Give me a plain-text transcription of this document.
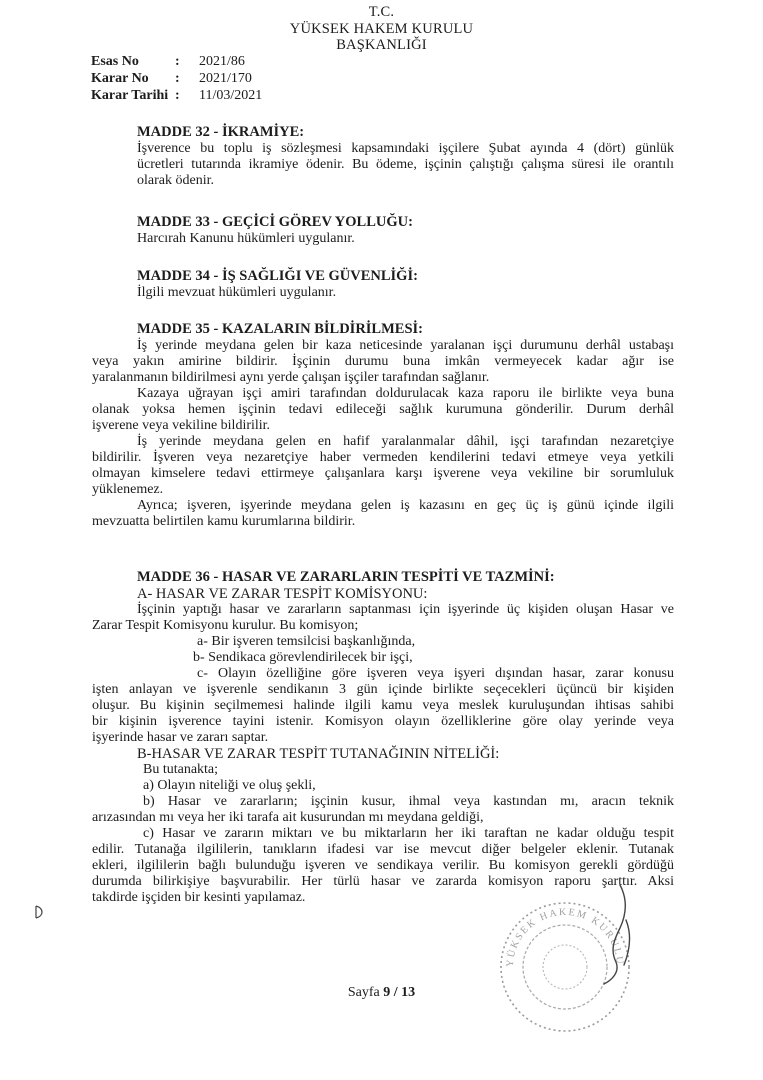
T.C.
YÜKSEK HAKEM KURULU
BAŞKANLIĞI
Esas No	:	2021/86
Karar No	:	2021/170
Karar Tarihi :	11/03/2021
MADDE 32 - İKRAMİYE:
İşverence bu toplu iş sözleşmesi kapsamındaki işçilere Şubat ayında 4 (dört) günlük
ücretleri tutarında ikramiye ödenir. Bu ödeme, işçinin çalıştığı çalışma süresi ile orantılı
olarak ödenir.
MADDE 33 - GEÇİCİ GÖREV YOLLUĞU:
Harcırah Kanunu hükümleri uygulanır.
MADDE 34 - İŞ SAĞLIĞI VE GÜVENLİĞİ:
İlgili mevzuat hükümleri uygulanır.
MADDE 35 - KAZALARIN BİLDİRİLMESİ:
İş yerinde meydana gelen bir kaza neticesinde yaralanan işçi durumunu derhâl ustabaşı
veya yakın amirine bildirir. İşçinin durumu buna imkân vermeyecek kadar ağır ise
yaralanmanın bildirilmesi aynı yerde çalışan işçiler tarafından sağlanır.
Kazaya uğrayan işçi amiri tarafından doldurulacak kaza raporu ile birlikte veya buna
olanak yoksa hemen işçinin tedavi edileceği sağlık kurumuna gönderilir. Durum derhâl
işverene veya vekiline bildirilir.
İş yerinde meydana gelen en hafif yaralanmalar dâhil, işçi tarafından nezaretçiye
bildirilir. İşveren veya nezaretçiye haber vermeden kendilerini tedavi etmeye veya yetkili
olmayan kimselere tedavi ettirmeye çalışanlara karşı işverene veya vekiline bir sorumluluk
yüklenemez.
Ayrıca; işveren, işyerinde meydana gelen iş kazasını en geç üç iş günü içinde ilgili
mevzuatta belirtilen kamu kurumlarına bildirir.
MADDE 36 - HASAR VE ZARARLARIN TESPİTİ VE TAZMİNİ:
A- HASAR VE ZARAR TESPİT KOMİSYONU:
İşçinin yaptığı hasar ve zararların saptanması için işyerinde üç kişiden oluşan Hasar ve
Zarar Tespit Komisyonu kurulur. Bu komisyon;
a- Bir işveren temsilcisi başkanlığında,
b- Sendikaca görevlendirilecek bir işçi,
c- Olayın özelliğine göre işveren veya işyeri dışından hasar, zarar konusu
işten anlayan ve işverenle sendikanın 3 gün içinde birlikte seçecekleri üçüncü bir kişiden
oluşur. Bu kişinin seçilmemesi halinde ilgili kamu veya meslek kuruluşundan ihtisas sahibi
bir kişinin işverence tayini istenir. Komisyon olayın özelliklerine göre olay yerinde veya
işyerinde hasar ve zararı saptar.
B-HASAR VE ZARAR TESPİT TUTANAĞININ NİTELİĞİ:
Bu tutanakta;
a) Olayın niteliği ve oluş şekli,
b) Hasar ve zararların; işçinin kusur, ihmal veya kastından mı, aracın teknik
arızasından mı veya her iki tarafa ait kusurundan mı meydana geldiği,
c) Hasar ve zararın miktarı ve bu miktarların her iki taraftan ne kadar olduğu tespit
edilir. Tutanağa ilgililerin, tanıkların ifadesi var ise mevcut diğer belgeler eklenir. Tutanak
ekleri, ilgililerin bağlı bulunduğu işveren ve sendikaya verilir. Bu komisyon gerekli gördüğü
durumda bilirkişiye başvurabilir. Her türlü hasar ve zararda komisyon raporu şarttır. Aksi
takdirde işçiden bir kesinti yapılamaz.
YÜKSEK HAKEM KURULU
Sayfa 9 / 13
